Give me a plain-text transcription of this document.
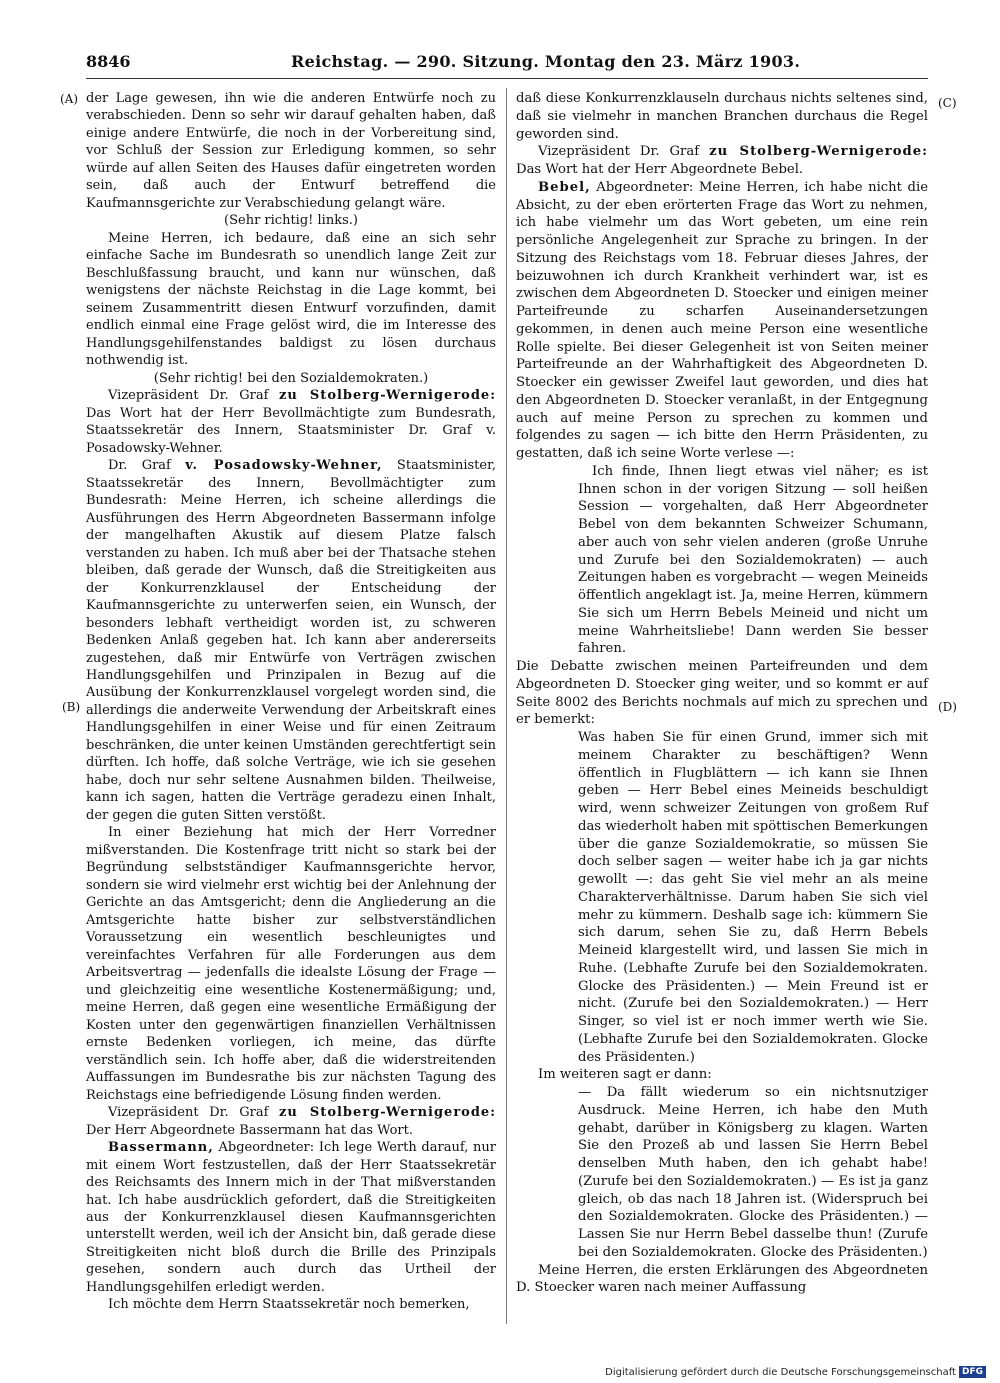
8846	Reichstag. — 290. Sitzung. Montag den 23. März 1903.
(A)
(B)
(C)
(D)

der Lage gewesen, ihn wie die anderen Entwürfe noch zu verabschieden. Denn so sehr wir darauf gehalten haben, daß einige andere Entwürfe, die noch in der Vorbereitung sind, vor Schluß der Session zur Erledigung kommen, so sehr würde auf allen Seiten des Hauses dafür eingetreten worden sein, daß auch der Entwurf betreffend die Kaufmannsgerichte zur Verabschiedung gelangt wäre.

(Sehr richtig! links.)

Meine Herren, ich bedaure, daß eine an sich sehr einfache Sache im Bundesrath so unendlich lange Zeit zur Beschlußfassung braucht, und kann nur wünschen, daß wenigstens der nächste Reichstag in die Lage kommt, bei seinem Zusammentritt diesen Entwurf vorzufinden, damit endlich einmal eine Frage gelöst wird, die im Interesse des Handlungsgehilfenstandes baldigst zu lösen durchaus nothwendig ist.

(Sehr richtig! bei den Sozialdemokraten.)

Vizepräsident Dr. Graf zu Stolberg-Wernigerode: Das Wort hat der Herr Bevollmächtigte zum Bundesrath, Staatssekretär des Innern, Staatsminister Dr. Graf v. Posadowsky-Wehner.

Dr. Graf v. Posadowsky-Wehner, Staatsminister, Staatssekretär des Innern, Bevollmächtigter zum Bundesrath: Meine Herren, ich scheine allerdings die Ausführungen des Herrn Abgeordneten Bassermann infolge der mangelhaften Akustik auf diesem Platze falsch verstanden zu haben. Ich muß aber bei der Thatsache stehen bleiben, daß gerade der Wunsch, daß die Streitigkeiten aus der Konkurrenzklausel der Entscheidung der Kaufmannsgerichte zu unterwerfen seien, ein Wunsch, der besonders lebhaft vertheidigt worden ist, zu schweren Bedenken Anlaß gegeben hat. Ich kann aber andererseits zugestehen, daß mir Entwürfe von Verträgen zwischen Handlungsgehilfen und Prinzipalen in Bezug auf die Ausübung der Konkurrenzklausel vorgelegt worden sind, die allerdings die anderweite Verwendung der Arbeitskraft eines Handlungsgehilfen in einer Weise und für einen Zeitraum beschränken, die unter keinen Umständen gerechtfertigt sein dürften. Ich hoffe, daß solche Verträge, wie ich sie gesehen habe, doch nur sehr seltene Ausnahmen bilden. Theilweise, kann ich sagen, hatten die Verträge geradezu einen Inhalt, der gegen die guten Sitten verstößt.

In einer Beziehung hat mich der Herr Vorredner mißverstanden. Die Kostenfrage tritt nicht so stark bei der Begründung selbstständiger Kaufmannsgerichte hervor, sondern sie wird vielmehr erst wichtig bei der Anlehnung der Gerichte an das Amtsgericht; denn die Angliederung an die Amtsgerichte hatte bisher zur selbstverständlichen Voraussetzung ein wesentlich beschleunigtes und vereinfachtes Verfahren für alle Forderungen aus dem Arbeitsvertrag — jedenfalls die idealste Lösung der Frage — und gleichzeitig eine wesentliche Kostenermäßigung; und, meine Herren, daß gegen eine wesentliche Ermäßigung der Kosten unter den gegenwärtigen finanziellen Verhältnissen ernste Bedenken vorliegen, ich meine, das dürfte verständlich sein. Ich hoffe aber, daß die widerstreitenden Auffassungen im Bundesrathe bis zur nächsten Tagung des Reichstags eine befriedigende Lösung finden werden.

Vizepräsident Dr. Graf zu Stolberg-Wernigerode: Der Herr Abgeordnete Bassermann hat das Wort.

Bassermann, Abgeordneter: Ich lege Werth darauf, nur mit einem Wort festzustellen, daß der Herr Staatssekretär des Reichsamts des Innern mich in der That mißverstanden hat. Ich habe ausdrücklich gefordert, daß die Streitigkeiten aus der Konkurrenzklausel diesen Kaufmannsgerichten unterstellt werden, weil ich der Ansicht bin, daß gerade diese Streitigkeiten nicht bloß durch die Brille des Prinzipals gesehen, sondern auch durch das Urtheil der Handlungsgehilfen erledigt werden.

Ich möchte dem Herrn Staatssekretär noch bemerken,

daß diese Konkurrenzklauseln durchaus nichts seltenes sind, daß sie vielmehr in manchen Branchen durchaus die Regel geworden sind.

Vizepräsident Dr. Graf zu Stolberg-Wernigerode: Das Wort hat der Herr Abgeordnete Bebel.

Bebel, Abgeordneter: Meine Herren, ich habe nicht die Absicht, zu der eben erörterten Frage das Wort zu nehmen, ich habe vielmehr um das Wort gebeten, um eine rein persönliche Angelegenheit zur Sprache zu bringen. In der Sitzung des Reichstags vom 18. Februar dieses Jahres, der beizuwohnen ich durch Krankheit verhindert war, ist es zwischen dem Abgeordneten D. Stoecker und einigen meiner Parteifreunde zu scharfen Auseinandersetzungen gekommen, in denen auch meine Person eine wesentliche Rolle spielte. Bei dieser Gelegenheit ist von Seiten meiner Parteifreunde an der Wahrhaftigkeit des Abgeordneten D. Stoecker ein gewisser Zweifel laut geworden, und dies hat den Abgeordneten D. Stoecker veranlaßt, in der Entgegnung auch auf meine Person zu sprechen zu kommen und folgendes zu sagen — ich bitte den Herrn Präsidenten, zu gestatten, daß ich seine Worte verlese —:

Ich finde, Ihnen liegt etwas viel näher; es ist Ihnen schon in der vorigen Sitzung — soll heißen Session — vorgehalten, daß Herr Abgeordneter Bebel von dem bekannten Schweizer Schumann, aber auch von sehr vielen anderen (große Unruhe und Zurufe bei den Sozialdemokraten) — auch Zeitungen haben es vorgebracht — wegen Meineids öffentlich angeklagt ist. Ja, meine Herren, kümmern Sie sich um Herrn Bebels Meineid und nicht um meine Wahrheitsliebe! Dann werden Sie besser fahren.

Die Debatte zwischen meinen Parteifreunden und dem Abgeordneten D. Stoecker ging weiter, und so kommt er auf Seite 8002 des Berichts nochmals auf mich zu sprechen und er bemerkt:

Was haben Sie für einen Grund, immer sich mit meinem Charakter zu beschäftigen? Wenn öffentlich in Flugblättern — ich kann sie Ihnen geben — Herr Bebel eines Meineids beschuldigt wird, wenn schweizer Zeitungen von großem Ruf das wiederholt haben mit spöttischen Bemerkungen über die ganze Sozialdemokratie, so müssen Sie doch selber sagen — weiter habe ich ja gar nichts gewollt —: das geht Sie viel mehr an als meine Charakterverhältnisse. Darum haben Sie sich viel mehr zu kümmern. Deshalb sage ich: kümmern Sie sich darum, sehen Sie zu, daß Herrn Bebels Meineid klargestellt wird, und lassen Sie mich in Ruhe. (Lebhafte Zurufe bei den Sozialdemokraten. Glocke des Präsidenten.) — Mein Freund ist er nicht. (Zurufe bei den Sozialdemokraten.) — Herr Singer, so viel ist er noch immer werth wie Sie. (Lebhafte Zurufe bei den Sozialdemokraten. Glocke des Präsidenten.)

Im weiteren sagt er dann:

— Da fällt wiederum so ein nichtsnutziger Ausdruck. Meine Herren, ich habe den Muth gehabt, darüber in Königsberg zu klagen. Warten Sie den Prozeß ab und lassen Sie Herrn Bebel denselben Muth haben, den ich gehabt habe! (Zurufe bei den Sozialdemokraten.) — Es ist ja ganz gleich, ob das nach 18 Jahren ist. (Widerspruch bei den Sozialdemokraten. Glocke des Präsidenten.) — Lassen Sie nur Herrn Bebel dasselbe thun! (Zurufe bei den Sozialdemokraten. Glocke des Präsidenten.)

Meine Herren, die ersten Erklärungen des Abgeordneten D. Stoecker waren nach meiner Auffassung

Digitalisierung gefördert durch die Deutsche Forschungsgemeinschaft DFG
